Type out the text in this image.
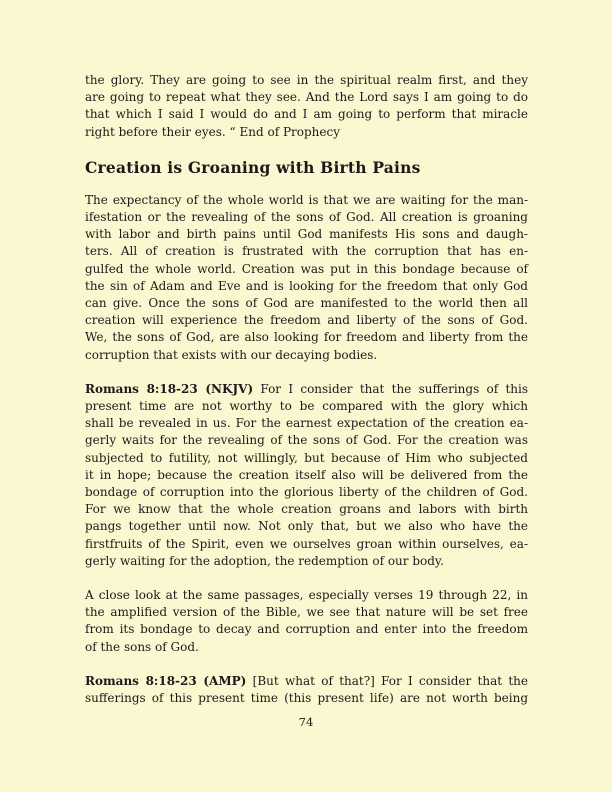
the glory. They are going to see in the spiritual realm first, and they
are going to repeat what they see. And the Lord says I am going to do
that which I said I would do and I am going to perform that miracle
right before their eyes. “ End of Prophecy
Creation is Groaning with Birth Pains
The expectancy of the whole world is that we are waiting for the man-
ifestation or the revealing of the sons of God. All creation is groaning
with labor and birth pains until God manifests His sons and daugh-
ters. All of creation is frustrated with the corruption that has en-
gulfed the whole world. Creation was put in this bondage because of
the sin of Adam and Eve and is looking for the freedom that only God
can give. Once the sons of God are manifested to the world then all
creation will experience the freedom and liberty of the sons of God.
We, the sons of God, are also looking for freedom and liberty from the
corruption that exists with our decaying bodies.
Romans 8:18-23 (NKJV) For I consider that the sufferings of this
present time are not worthy to be compared with the glory which
shall be revealed in us. For the earnest expectation of the creation ea-
gerly waits for the revealing of the sons of God. For the creation was
subjected to futility, not willingly, but because of Him who subjected
it in hope; because the creation itself also will be delivered from the
bondage of corruption into the glorious liberty of the children of God.
For we know that the whole creation groans and labors with birth
pangs together until now. Not only that, but we also who have the
firstfruits of the Spirit, even we ourselves groan within ourselves, ea-
gerly waiting for the adoption, the redemption of our body.
A close look at the same passages, especially verses 19 through 22, in
the amplified version of the Bible, we see that nature will be set free
from its bondage to decay and corruption and enter into the freedom
of the sons of God.
Romans 8:18-23 (AMP) [But what of that?] For I consider that the
sufferings of this present time (this present life) are not worth being
74
